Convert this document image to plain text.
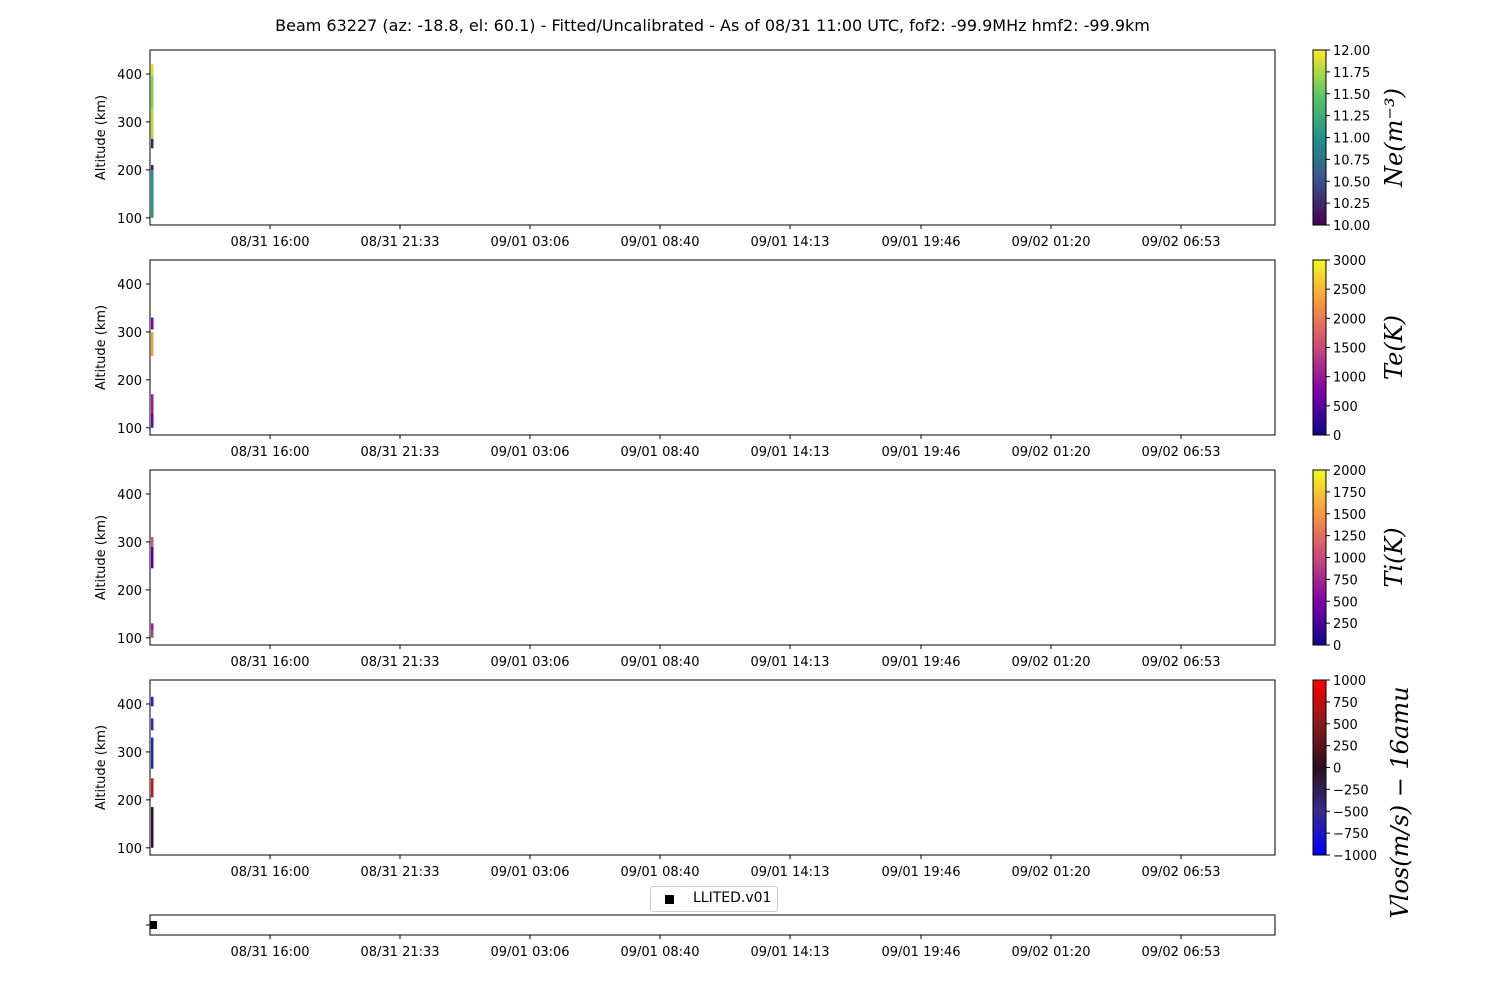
Beam 63227 (az: -18.8, el: 60.1) - Fitted/Uncalibrated - As of 08/31 11:00 UTC, fof2: -99.9MHz hmf2: -99.9km
100
200
300
400
08/31 16:00	08/31 21:33	09/01 03:06	09/01 08:40	09/01 14:13	09/01 19:46	09/02 01:20	09/02 06:53
Altitude (km)
10.00
10.25
10.50
10.75
11.00
11.25
11.50
11.75
12.00
Ne(m⁻³)
100
200
300
400
08/31 16:00	08/31 21:33	09/01 03:06	09/01 08:40	09/01 14:13	09/01 19:46	09/02 01:20	09/02 06:53
Altitude (km)
0
500
1000
1500
2000
2500
3000
Te(K)
100
200
300
400
08/31 16:00	08/31 21:33	09/01 03:06	09/01 08:40	09/01 14:13	09/01 19:46	09/02 01:20	09/02 06:53
Altitude (km)
0
250
500
750
1000
1250
1500
1750
2000
Ti(K)
100
200
300
400
08/31 16:00	08/31 21:33	09/01 03:06	09/01 08:40	09/01 14:13	09/01 19:46	09/02 01:20	09/02 06:53
Altitude (km)
−1000
−750
−500
−250
0
250
500
750
1000
Vlos(m/s) − 16amu
08/31 16:00	08/31 21:33	09/01 03:06	09/01 08:40	09/01 14:13	09/01 19:46	09/02 01:20	09/02 06:53
LLITED.v01
